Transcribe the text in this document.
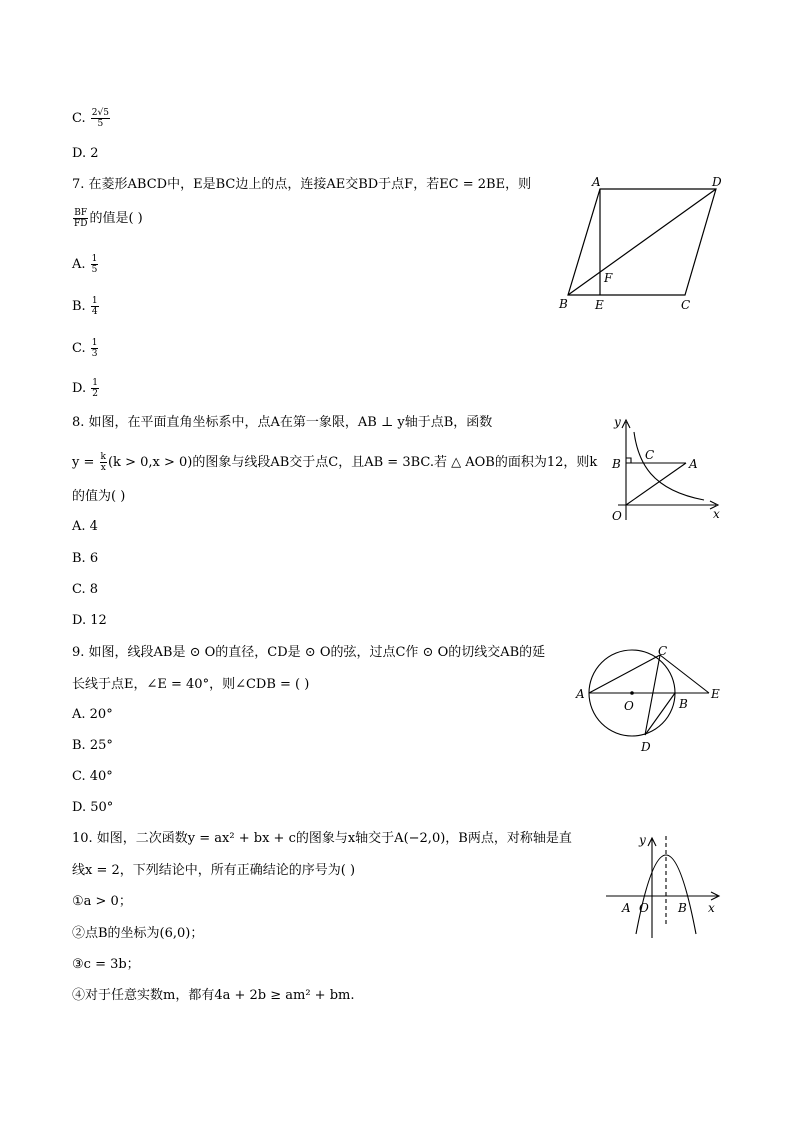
C. $\frac{2√5}{5}$
D. 2
7. 在菱形ABCD中，E是BC边上的点，连接AE交BD于点F，若EC = 2BE，则
$\frac{BF}{FD}$ 的值是( )
A. $\frac{1}{5}$
B. $\frac{1}{4}$
C. $\frac{1}{3}$
D. $\frac{1}{2}$
A	D
F
B E	C
8. 如图，在平面直角坐标系中，点A在第一象限，AB ⊥ y轴于点B，函数
$y = \frac{k}{x} (k > 0,x > 0)$的图象与线段AB交于点C，且AB = 3BC.若 △ AOB的面积为12，则k
的值为( )
A. 4
B. 6
C. 8
D. 12
y
B
C
A
O	x
9. 如图，线段AB是 ⊙ O的直径，CD是 ⊙ O的弦，过点C作 ⊙ O的切线交AB的延
长线于点E，∠E = 40°，则∠CDB = ( )
A. 20°
B. 25°
C. 40°
D. 50°
C
A
O	B
E
D
10. 如图，二次函数y = ax² + bx + c的图象与x轴交于A(−2,0)，B两点，对称轴是直
线x = 2，下列结论中，所有正确结论的序号为( )
①a > 0；
②点B的坐标为(6,0)；
③c = 3b；
④对于任意实数m，都有4a + 2b ≥ am² + bm.
y
A O B x
